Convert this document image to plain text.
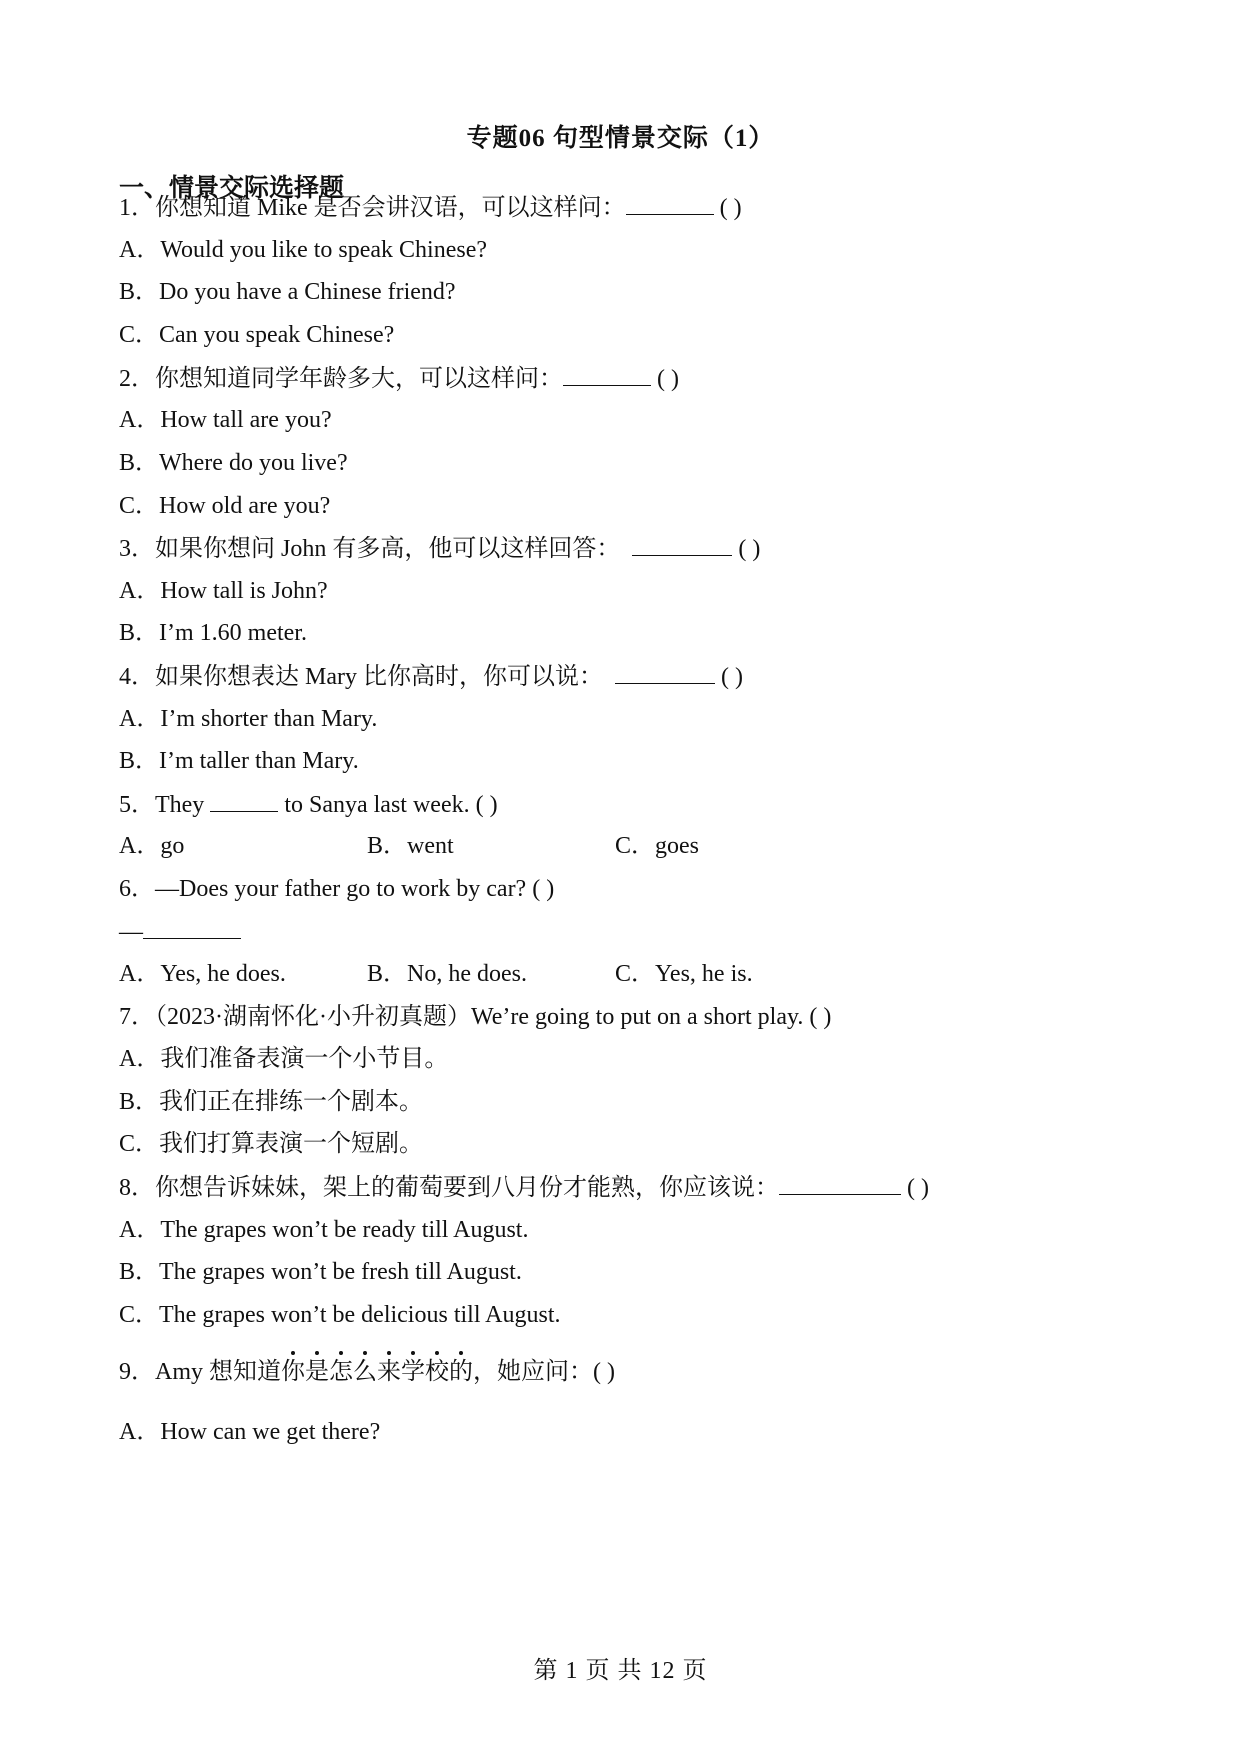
专题06 句型情景交际（1）
一、情景交际选择题
1．你想知道 Mike 是否会讲汉语，可以这样问：	( )
A．Would you like to speak Chinese?
B．Do you have a Chinese friend?
C．Can you speak Chinese?
2．你想知道同学年龄多大，可以这样问：	( )
A．How tall are you?
B．Where do you live?
C．How old are you?
3．如果你想问 John 有多高，他可以这样回答：	( )
A．How tall is John?
B．I’m 1.60 meter.
4．如果你想表达 Mary 比你高时，你可以说：	( )
A．I’m shorter than Mary.
B．I’m taller than Mary.
5．They	to Sanya last week. ( )
A．go	B．went	C．goes
6．—Does your father go to work by car? ( )
—
A．Yes, he does.	B．No, he does.	C．Yes, he is.
7．（2023·湖南怀化·小升初真题）We’re going to put on a short play. ( )
A．我们准备表演一个小节目。
B．我们正在排练一个剧本。
C．我们打算表演一个短剧。
8．你想告诉妹妹，架上的葡萄要到八月份才能熟，你应该说：	( )
A．The grapes won’t be ready till August.
B．The grapes won’t be fresh till August.
C．The grapes won’t be delicious till August.
9．Amy 想知道你是怎么来学校的，她应问：( )
A．How can we get there?
第 1 页 共 12 页
